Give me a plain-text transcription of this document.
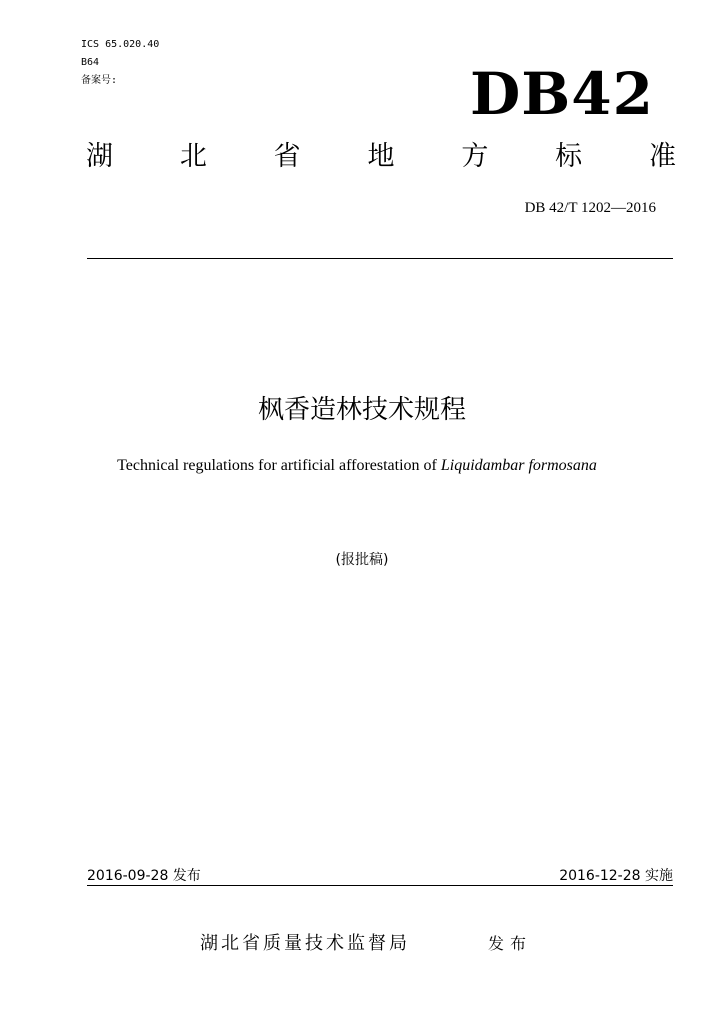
ICS 65.020.40
B64
备案号:	DB42
湖 北 省 地 方 标 准
DB 42/T 1202—2016
枫香造林技术规程
Technical regulations for artificial afforestation of Liquidambar formosana
(报批稿)
2016-09-28 发布	2016-12-28 实施
湖北省质量技术监督局	发布
